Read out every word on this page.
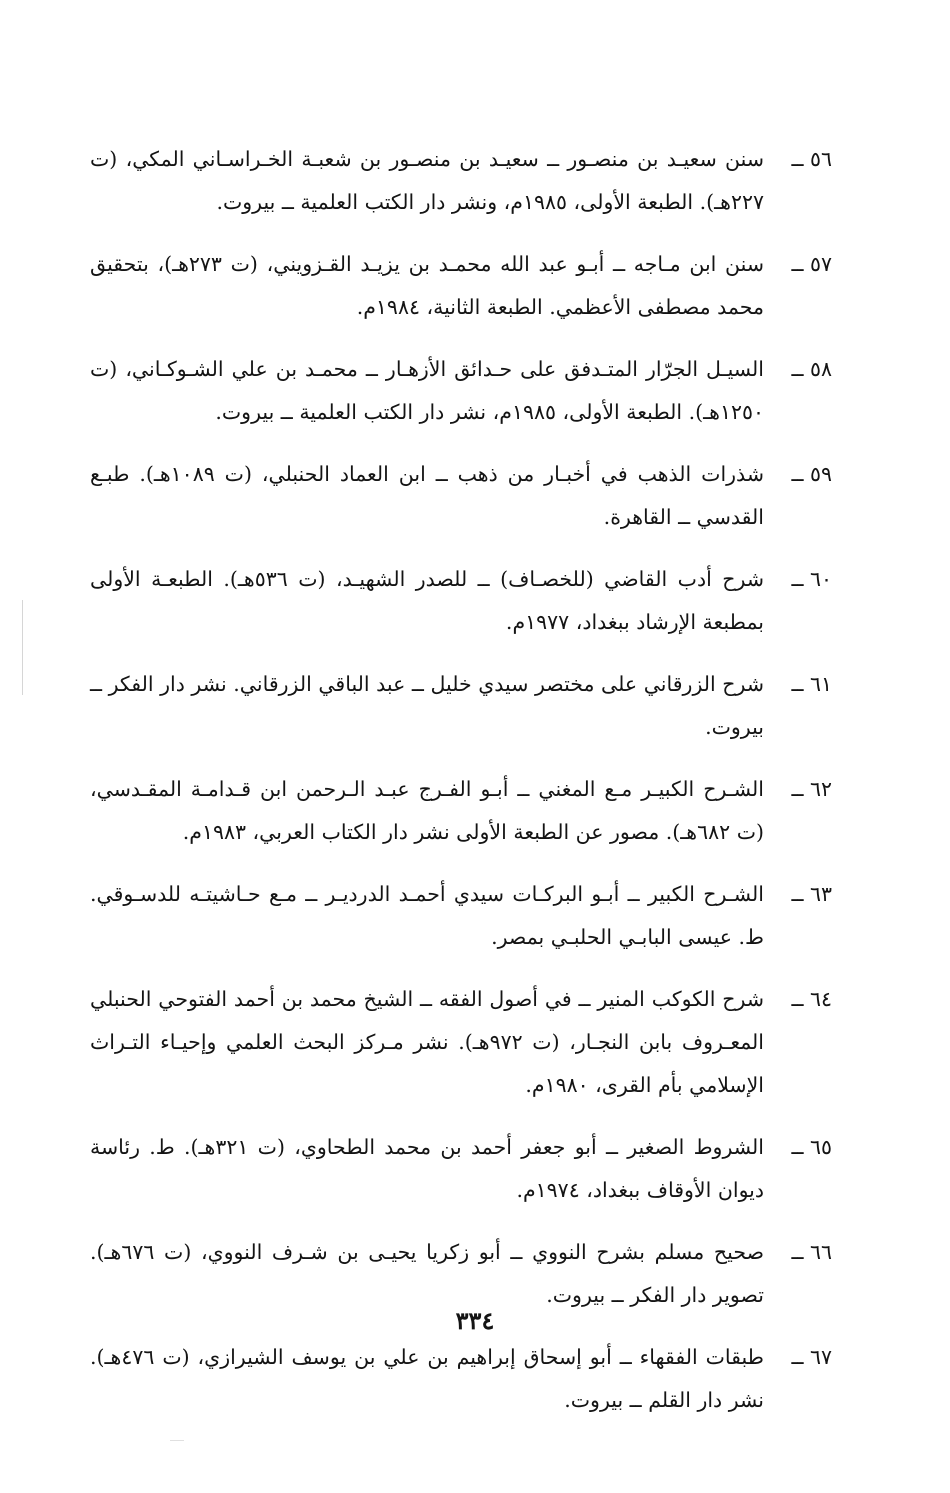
٥٦ ــ
سنن سعيـد بن منصـور ــ سعيـد بن منصـور بن شعبـة الخـراسـاني المكي، (ت ٢٢٧هـ). الطبعة الأولى، ١٩٨٥م، ونشر دار الكتب العلمية ــ بيروت.
٥٧ ــ
سنن ابن مـاجه ــ أبـو عبد الله محمـد بن يزيـد القـزويني، (ت ٢٧٣هـ)، بتحقيق محمد مصطفى الأعظمي. الطبعة الثانية، ١٩٨٤م.
٥٨ ــ
السيـل الجرّار المتـدفق على حـدائق الأزهـار ــ محمـد بن علي الشـوكـاني، (ت ١٢٥٠هـ). الطبعة الأولى، ١٩٨٥م، نشر دار الكتب العلمية ــ بيروت.
٥٩ ــ
شذرات الذهب في أخبـار من ذهب ــ ابن العماد الحنبلي، (ت ١٠٨٩هـ). طبـع القدسي ــ القاهرة.
٦٠ ــ
شرح أدب القاضي (للخصـاف) ــ للصدر الشهيـد، (ت ٥٣٦هـ). الطبعـة الأولى بمطبعة الإرشاد ببغداد، ١٩٧٧م.
٦١ ــ
شرح الزرقاني على مختصر سيدي خليل ــ عبد الباقي الزرقاني. نشر دار الفكر ــ بيروت.
٦٢ ــ
الشـرح الكبيـر مـع المغني ــ أبـو الفـرج عبـد الـرحمن ابن قـدامـة المقـدسي، (ت ٦٨٢هـ). مصور عن الطبعة الأولى نشر دار الكتاب العربي، ١٩٨٣م.
٦٣ ــ
الشـرح الكبير ــ أبـو البركـات سيدي أحمـد الدرديـر ــ مـع حـاشيتـه للدسـوقي. ط. عيسى البابـي الحلبـي بمصر.
٦٤ ــ
شرح الكوكب المنير ــ في أصول الفقه ــ الشيخ محمد بن أحمد الفتوحي الحنبلي المعـروف بابن النجـار، (ت ٩٧٢هـ). نشر مـركز البحث العلمي وإحيـاء التـراث الإسلامي بأم القرى، ١٩٨٠م.
٦٥ ــ
الشروط الصغير ــ أبو جعفر أحمد بن محمد الطحاوي، (ت ٣٢١هـ). ط. رئاسة ديوان الأوقاف ببغداد، ١٩٧٤م.
٦٦ ــ
صحيح مسلم بشرح النووي ــ أبو زكريا يحيـى بن شـرف النووي، (ت ٦٧٦هـ). تصوير دار الفكر ــ بيروت.
٦٧ ــ
طبقات الفقهاء ــ أبو إسحاق إبراهيم بن علي بن يوسف الشيرازي، (ت ٤٧٦هـ). نشر دار القلم ــ بيروت.
٣٣٤
